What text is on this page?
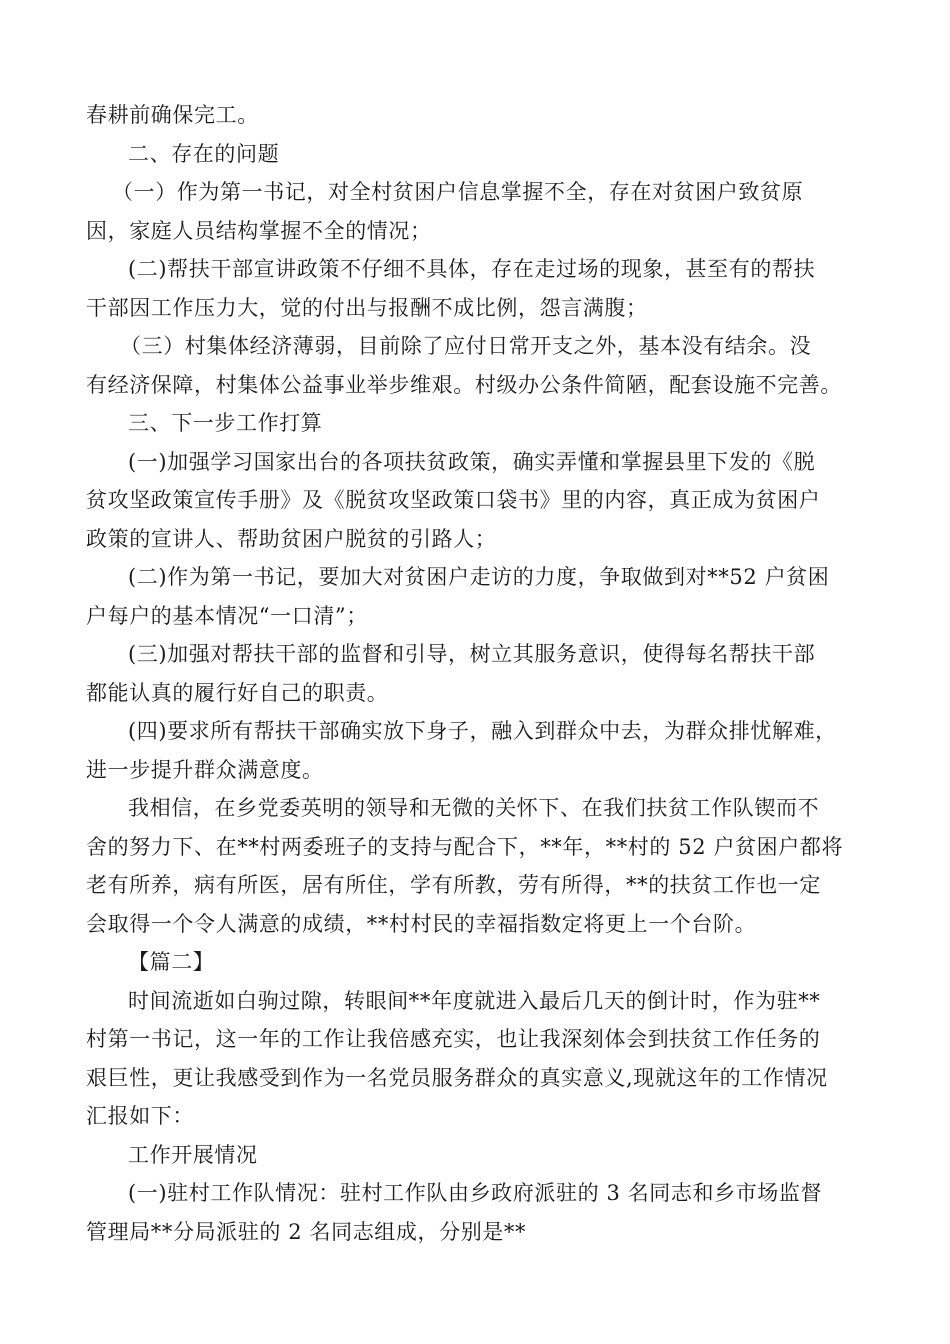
春耕前确保完工。
二、存在的问题
（一）作为第一书记，对全村贫困户信息掌握不全，存在对贫困户致贫原
因，家庭人员结构掌握不全的情况；
(二)帮扶干部宣讲政策不仔细不具体，存在走过场的现象，甚至有的帮扶
干部因工作压力大，觉的付出与报酬不成比例，怨言满腹；
（三）村集体经济薄弱，目前除了应付日常开支之外，基本没有结余。没
有经济保障，村集体公益事业举步维艰。村级办公条件简陋，配套设施不完善。
三、下一步工作打算
(一)加强学习国家出台的各项扶贫政策，确实弄懂和掌握县里下发的《脱
贫攻坚政策宣传手册》及《脱贫攻坚政策口袋书》里的内容，真正成为贫困户
政策的宣讲人、帮助贫困户脱贫的引路人；
(二)作为第一书记，要加大对贫困户走访的力度，争取做到对**52 户贫困
户每户的基本情况“一口清”；
(三)加强对帮扶干部的监督和引导，树立其服务意识，使得每名帮扶干部
都能认真的履行好自己的职责。
(四)要求所有帮扶干部确实放下身子，融入到群众中去，为群众排忧解难，
进一步提升群众满意度。
我相信，在乡党委英明的领导和无微的关怀下、在我们扶贫工作队锲而不
舍的努力下、在**村两委班子的支持与配合下，**年，**村的 52 户贫困户都将
老有所养，病有所医，居有所住，学有所教，劳有所得，**的扶贫工作也一定
会取得一个令人满意的成绩，**村村民的幸福指数定将更上一个台阶。
【篇二】
时间流逝如白驹过隙，转眼间**年度就进入最后几天的倒计时，作为驻**
村第一书记，这一年的工作让我倍感充实，也让我深刻体会到扶贫工作任务的
艰巨性，更让我感受到作为一名党员服务群众的真实意义,现就这年的工作情况
汇报如下：
工作开展情况
(一)驻村工作队情况：驻村工作队由乡政府派驻的 3 名同志和乡市场监督
管理局**分局派驻的 2 名同志组成，分别是**
